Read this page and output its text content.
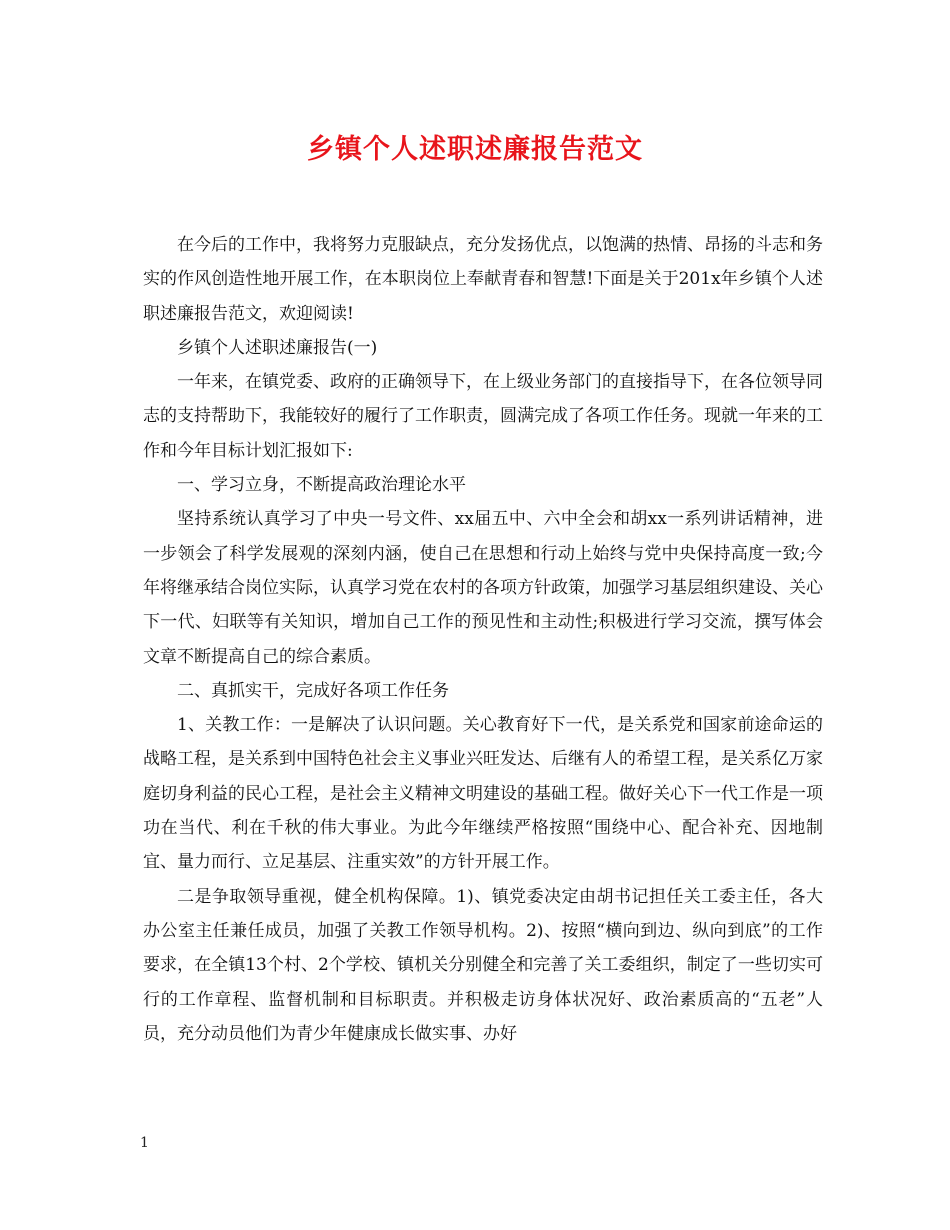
乡镇个人述职述廉报告范文

在今后的工作中，我将努力克服缺点，充分发扬优点，以饱满的热情、昂扬的斗志和务实的作风创造性地开展工作，在本职岗位上奉献青春和智慧!下面是关于201x年乡镇个人述职述廉报告范文，欢迎阅读!

乡镇个人述职述廉报告(一)

一年来，在镇党委、政府的正确领导下，在上级业务部门的直接指导下，在各位领导同志的支持帮助下，我能较好的履行了工作职责，圆满完成了各项工作任务。现就一年来的工作和今年目标计划汇报如下:

一、学习立身，不断提高政治理论水平

坚持系统认真学习了中央一号文件、xx届五中、六中全会和胡xx一系列讲话精神，进一步领会了科学发展观的深刻内涵，使自己在思想和行动上始终与党中央保持高度一致;今年将继承结合岗位实际，认真学习党在农村的各项方针政策，加强学习基层组织建设、关心下一代、妇联等有关知识，增加自己工作的预见性和主动性;积极进行学习交流，撰写体会文章不断提高自己的综合素质。

二、真抓实干，完成好各项工作任务

1、关教工作：一是解决了认识问题。关心教育好下一代，是关系党和国家前途命运的战略工程，是关系到中国特色社会主义事业兴旺发达、后继有人的希望工程，是关系亿万家庭切身利益的民心工程，是社会主义精神文明建设的基础工程。做好关心下一代工作是一项功在当代、利在千秋的伟大事业。为此今年继续严格按照“围绕中心、配合补充、因地制宜、量力而行、立足基层、注重实效”的方针开展工作。

二是争取领导重视，健全机构保障。1)、镇党委决定由胡书记担任关工委主任，各大办公室主任兼任成员，加强了关教工作领导机构。2)、按照“横向到边、纵向到底”的工作要求，在全镇13个村、2个学校、镇机关分别健全和完善了关工委组织，制定了一些切实可行的工作章程、监督机制和目标职责。并积极走访身体状况好、政治素质高的“五老”人员，充分动员他们为青少年健康成长做实事、办好

1
